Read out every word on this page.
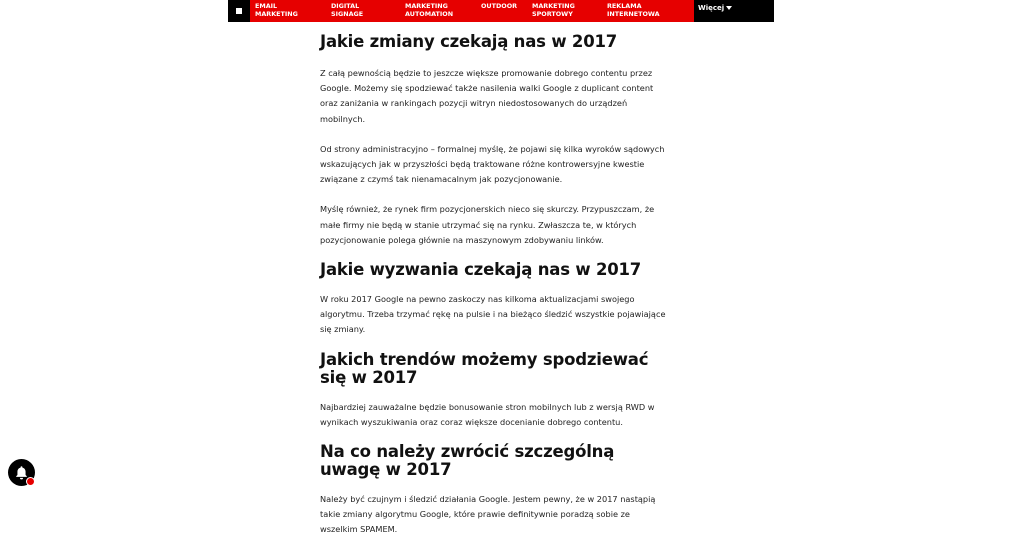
EMAIL
MARKETING
DIGITAL
SIGNAGE
MARKETING
AUTOMATION
OUTDOOR MARKETING
SPORTOWY
REKLAMA
INTERNETOWA
Więcej
Jakie zmiany czekają nas w 2017

Z całą pewnością będzie to jeszcze większe promowanie dobrego contentu przez Google. Możemy się spodziewać także nasilenia walki Google z duplicant content oraz zaniżania w rankingach pozycji witryn niedostosowanych do urządzeń mobilnych.

Od strony administracyjno – formalnej myślę, że pojawi się kilka wyroków sądowych wskazujących jak w przyszłości będą traktowane różne kontrowersyjne kwestie związane z czymś tak nienamacalnym jak pozycjonowanie.

Myślę również, że rynek firm pozycjonerskich nieco się skurczy. Przypuszczam, że małe firmy nie będą w stanie utrzymać się na rynku. Zwłaszcza te, w których pozycjonowanie polega głównie na maszynowym zdobywaniu linków.

Jakie wyzwania czekają nas w 2017

W roku 2017 Google na pewno zaskoczy nas kilkoma aktualizacjami swojego algorytmu. Trzeba trzymać rękę na pulsie i na bieżąco śledzić wszystkie pojawiające się zmiany.

Jakich trendów możemy spodziewać się w 2017

Najbardziej zauważalne będzie bonusowanie stron mobilnych lub z wersją RWD w wynikach wyszukiwania oraz coraz większe docenianie dobrego contentu.

Na co należy zwrócić szczególną uwagę w 2017

Należy być czujnym i śledzić działania Google. Jestem pewny, że w 2017 nastąpią takie zmiany algorytmu Google, które prawie definitywnie poradzą sobie ze wszelkim SPAMEM.
